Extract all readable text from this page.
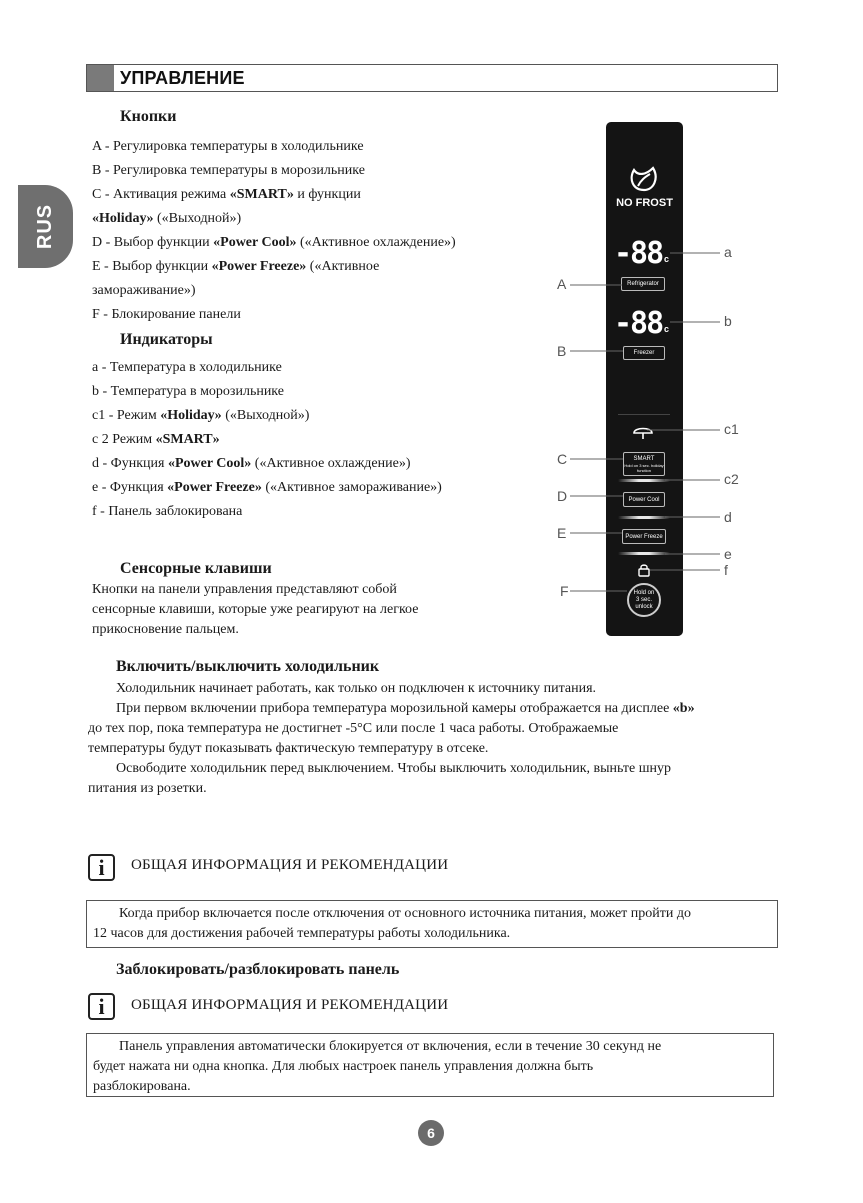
УПРАВЛЕНИЕ
RUS
Кнопки
A - Регулировка температуры в холодильнике
B - Регулировка температуры в морозильнике
C - Активация режима «SMART» и функции
«Holiday» («Выходной»)
D - Выбор функции «Power Cool» («Активное охлаждение»)
E - Выбор функции «Power Freeze» («Активное
замораживание»)
F - Блокирование панели
Индикаторы
a - Температура в холодильнике
b - Температура в морозильнике
c1 - Режим «Holiday» («Выходной»)
c 2 Режим «SMART»
d - Функция «Power Cool» («Активное охлаждение»)
e - Функция «Power Freeze» («Активное замораживание»)
f - Панель заблокирована
Сенсорные клавиши
Кнопки на панели управления представляют собой
сенсорные клавиши, которые уже реагируют на легкое
прикосновение пальцем.
NO FROST
-88 c
Refrigerator
-88 c
Freezer
SMART
Hold on 3 sec. holiday function
Power Cool
Power Freeze
Hold on
3 sec.
unlock
a
A
b
B
c1
C
c2
D
d
E
e
f
F
Включить/выключить холодильник
Холодильник начинает работать, как только он подключен к источнику питания.
При первом включении прибора температура морозильной камеры отображается на дисплее «b»
до тех пор, пока температура не достигнет -5°C или после 1 часа работы. Отображаемые
температуры будут показывать фактическую температуру в отсеке.
Освободите холодильник перед выключением. Чтобы выключить холодильник, выньте шнур
питания из розетки.
i	ОБЩАЯ ИНФОРМАЦИЯ И РЕКОМЕНДАЦИИ
Когда прибор включается после отключения от основного источника питания, может пройти до
12 часов для достижения рабочей температуры работы холодильника.
Заблокировать/разблокировать панель
i	ОБЩАЯ ИНФОРМАЦИЯ И РЕКОМЕНДАЦИИ
Панель управления автоматически блокируется от включения, если в течение 30 секунд не
будет нажата ни одна кнопка. Для любых настроек панель управления должна быть
разблокирована.
6
